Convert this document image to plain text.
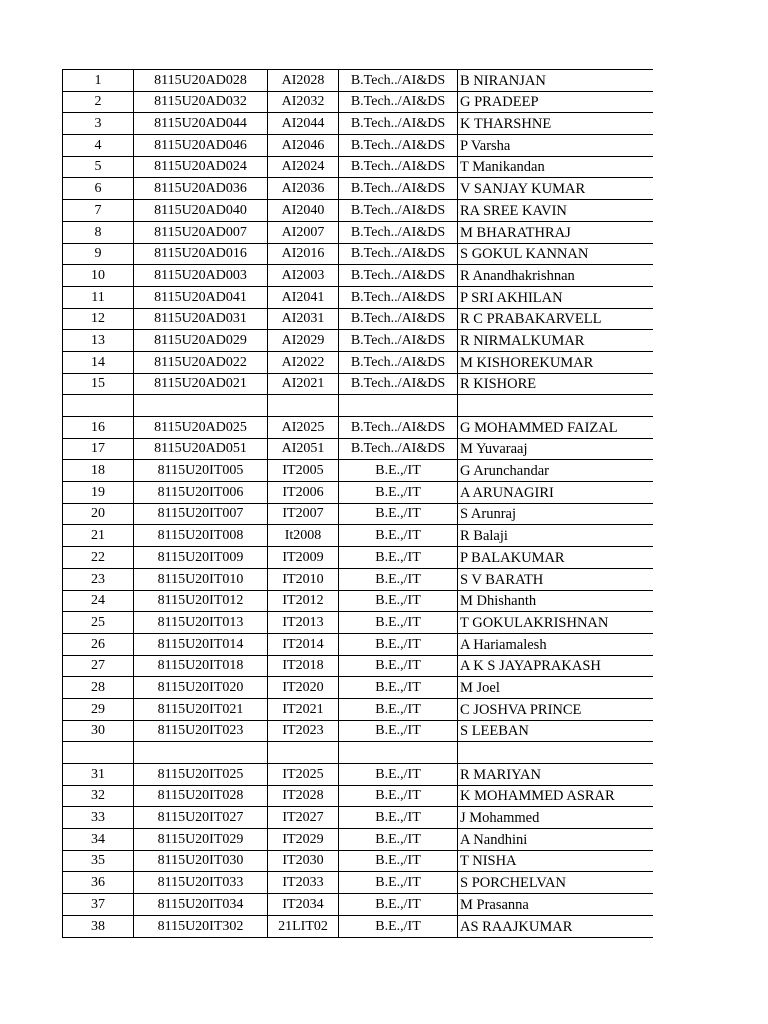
1	8115U20AD028	AI2028	B.Tech../AI&DS	B NIRANJAN
2	8115U20AD032	AI2032	B.Tech../AI&DS	G PRADEEP
3	8115U20AD044	AI2044	B.Tech../AI&DS	K THARSHNE
4	8115U20AD046	AI2046	B.Tech../AI&DS	P Varsha
5	8115U20AD024	AI2024	B.Tech../AI&DS	T Manikandan
6	8115U20AD036	AI2036	B.Tech../AI&DS	V SANJAY KUMAR
7	8115U20AD040	AI2040	B.Tech../AI&DS	RA SREE KAVIN
8	8115U20AD007	AI2007	B.Tech../AI&DS	M BHARATHRAJ
9	8115U20AD016	AI2016	B.Tech../AI&DS	S GOKUL KANNAN
10	8115U20AD003	AI2003	B.Tech../AI&DS	R Anandhakrishnan
11	8115U20AD041	AI2041	B.Tech../AI&DS	P SRI AKHILAN
12	8115U20AD031	AI2031	B.Tech../AI&DS	R C PRABAKARVELL
13	8115U20AD029	AI2029	B.Tech../AI&DS	R NIRMALKUMAR
14	8115U20AD022	AI2022	B.Tech../AI&DS	M KISHOREKUMAR
15	8115U20AD021	AI2021	B.Tech../AI&DS	R KISHORE

16	8115U20AD025	AI2025	B.Tech../AI&DS	G MOHAMMED FAIZAL
17	8115U20AD051	AI2051	B.Tech../AI&DS	M Yuvaraaj
18	8115U20IT005	IT2005	B.E.,/IT	G Arunchandar
19	8115U20IT006	IT2006	B.E.,/IT	A ARUNAGIRI
20	8115U20IT007	IT2007	B.E.,/IT	S Arunraj
21	8115U20IT008	It2008	B.E.,/IT	R Balaji
22	8115U20IT009	IT2009	B.E.,/IT	P BALAKUMAR
23	8115U20IT010	IT2010	B.E.,/IT	S V BARATH
24	8115U20IT012	IT2012	B.E.,/IT	M Dhishanth
25	8115U20IT013	IT2013	B.E.,/IT	T GOKULAKRISHNAN
26	8115U20IT014	IT2014	B.E.,/IT	A Hariamalesh
27	8115U20IT018	IT2018	B.E.,/IT	A K S JAYAPRAKASH
28	8115U20IT020	IT2020	B.E.,/IT	M Joel
29	8115U20IT021	IT2021	B.E.,/IT	C JOSHVA PRINCE
30	8115U20IT023	IT2023	B.E.,/IT	S LEEBAN

31	8115U20IT025	IT2025	B.E.,/IT	R MARIYAN
32	8115U20IT028	IT2028	B.E.,/IT	K MOHAMMED ASRAR
33	8115U20IT027	IT2027	B.E.,/IT	J Mohammed
34	8115U20IT029	IT2029	B.E.,/IT	A Nandhini
35	8115U20IT030	IT2030	B.E.,/IT	T NISHA
36	8115U20IT033	IT2033	B.E.,/IT	S PORCHELVAN
37	8115U20IT034	IT2034	B.E.,/IT	M Prasanna
38	8115U20IT302	21LIT02	B.E.,/IT	AS RAAJKUMAR
